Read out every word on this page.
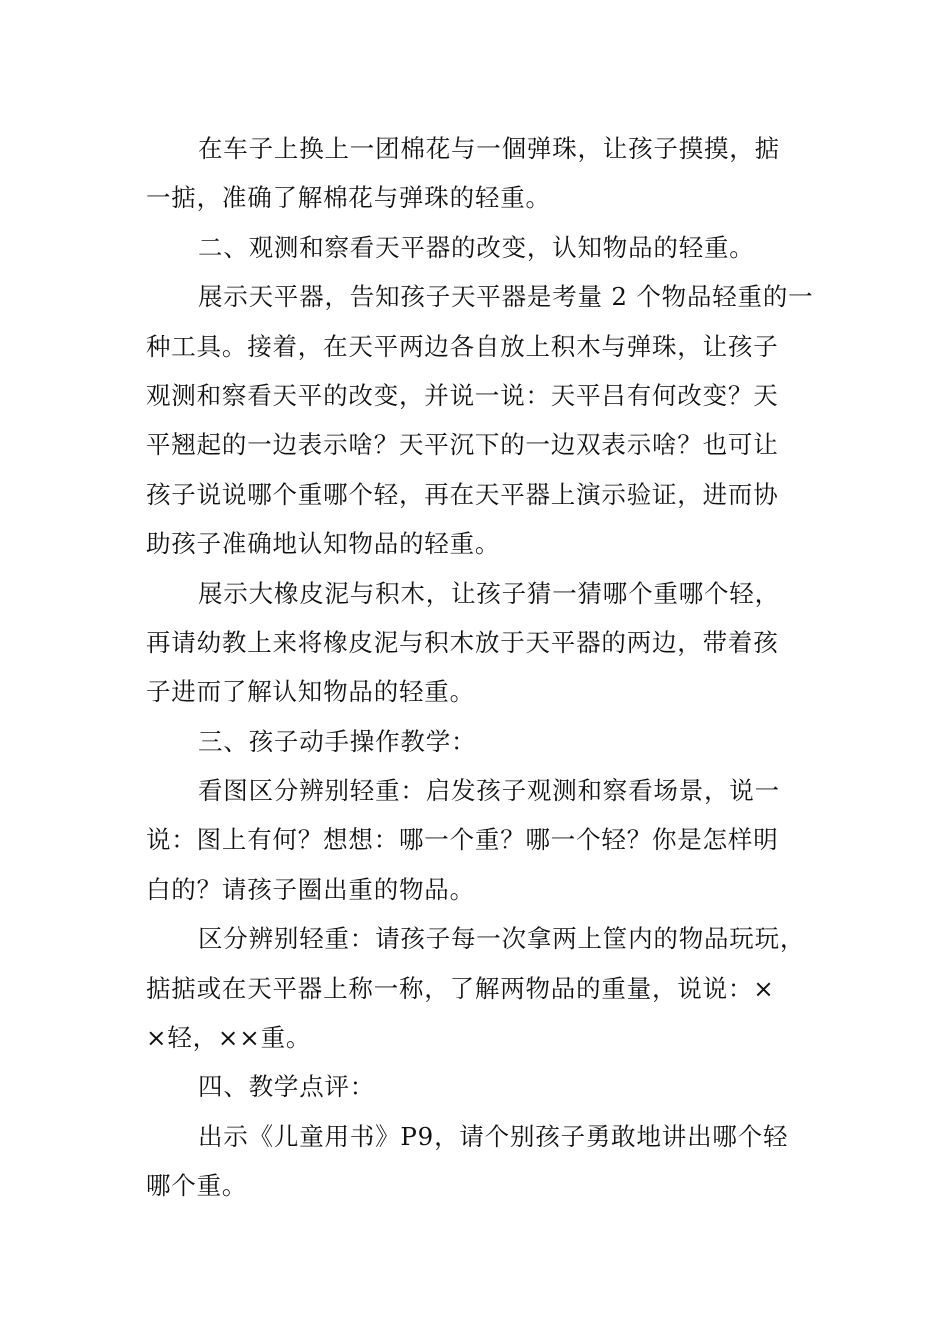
在车子上换上一团棉花与一個弹珠，让孩子摸摸，掂
一掂，准确了解棉花与弹珠的轻重。
二、观测和察看天平器的改变，认知物品的轻重。
展示天平器，告知孩子天平器是考量 2 个物品轻重的一
种工具。接着，在天平两边各自放上积木与弹珠，让孩子
观测和察看天平的改变，并说一说：天平吕有何改变？天
平翘起的一边表示啥？天平沉下的一边双表示啥？也可让
孩子说说哪个重哪个轻，再在天平器上演示验证，进而协
助孩子准确地认知物品的轻重。
展示大橡皮泥与积木，让孩子猜一猜哪个重哪个轻，
再请幼教上来将橡皮泥与积木放于天平器的两边，带着孩
子进而了解认知物品的轻重。
三、孩子动手操作教学：
看图区分辨别轻重：启发孩子观测和察看场景，说一
说：图上有何？想想：哪一个重？哪一个轻？你是怎样明
白的？请孩子圈出重的物品。
区分辨别轻重：请孩子每一次拿两上筐内的物品玩玩，
掂掂或在天平器上称一称，了解两物品的重量，说说：×
×轻，××重。
四、教学点评：
出示《儿童用书》P9，请个别孩子勇敢地讲出哪个轻
哪个重。
